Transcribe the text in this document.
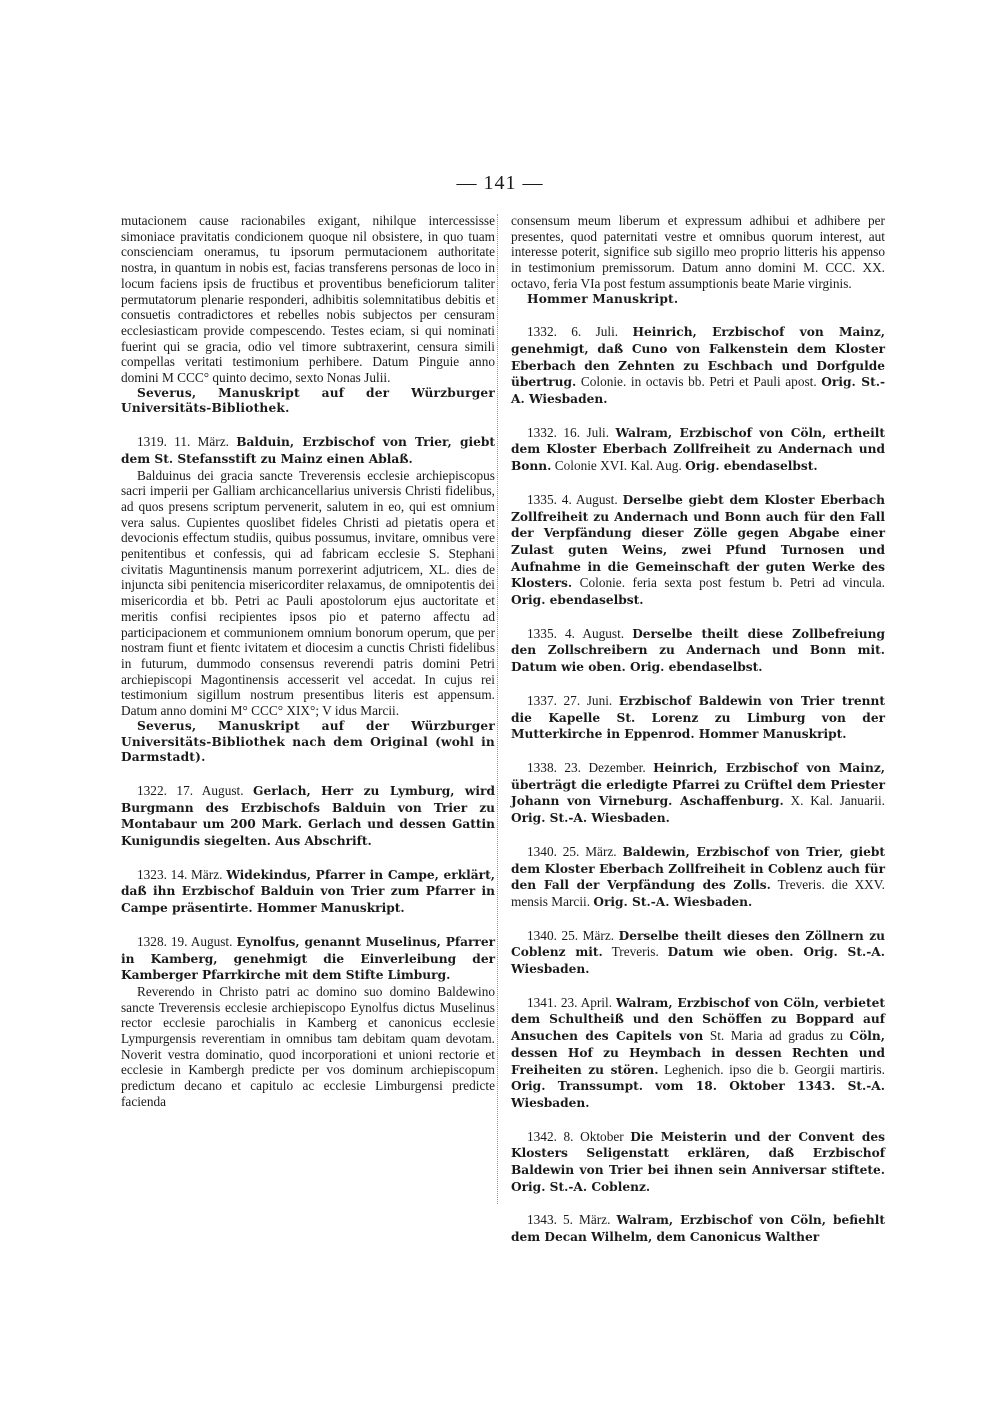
— 141 —

mutacionem cause racionabiles exigant, nihilque intercessisse simoniace pravitatis condicionem quoque nil obsistere, in quo tuam conscienciam oneramus, tu ipsorum permutacionem authoritate nostra, in quantum in nobis est, facias transferens personas de loco in locum faciens ipsis de fructibus et proventibus beneficiorum taliter permutatorum plenarie responderi, adhibitis solemnitatibus debitis et consuetis contradictores et rebelles nobis subjectos per censuram ecclesiasticam provide compescendo. Testes eciam, si qui nominati fuerint qui se gracia, odio vel timore subtraxerint, censura simili compellas veritati testimonium perhibere. Datum Pinguie anno domini M CCC° quinto decimo, sexto Nonas Julii.

Severus, Manuskript auf der Würzburger Universitäts-Bibliothek.

1319. 11. März. Balduin, Erzbischof von Trier, giebt dem St. Stefansstift zu Mainz einen Ablaß.

Balduinus dei gracia sancte Treverensis ecclesie archiepiscopus sacri imperii per Galliam archicancellarius universis Christi fidelibus, ad quos presens scriptum pervenerit, salutem in eo, qui est omnium vera salus. Cupientes quoslibet fideles Christi ad pietatis opera et devocionis effectum studiis, quibus possumus, invitare, omnibus vere penitentibus et confessis, qui ad fabricam ecclesie S. Stephani civitatis Maguntinensis manum porrexerint adjutricem, XL. dies de injuncta sibi penitencia misericorditer relaxamus, de omnipotentis dei misericordia et bb. Petri ac Pauli apostolorum ejus auctoritate et meritis confisi recipientes ipsos pio et paterno affectu ad participacionem et communionem omnium bonorum operum, que per nostram fiunt et fientc ivitatem et diocesim a cunctis Christi fidelibus in futurum, dummodo consensus reverendi patris domini Petri archiepiscopi Magontinensis accesserit vel accedat. In cujus rei testimonium sigillum nostrum presentibus literis est appensum. Datum anno domini M° CCC° XIX°; V idus Marcii.

Severus, Manuskript auf der Würzburger Universitäts-Bibliothek nach dem Original (wohl in Darmstadt).

1322. 17. August. Gerlach, Herr zu Lymburg, wird Burgmann des Erzbischofs Balduin von Trier zu Montabaur um 200 Mark. Gerlach und dessen Gattin Kunigundis siegelten. Aus Abschrift.

1323. 14. März. Widekindus, Pfarrer in Campe, erklärt, daß ihn Erzbischof Balduin von Trier zum Pfarrer in Campe präsentirte. Hommer Manuskript.

1328. 19. August. Eynolfus, genannt Muselinus, Pfarrer in Kamberg, genehmigt die Einverleibung der Kamberger Pfarrkirche mit dem Stifte Limburg.

Reverendo in Christo patri ac domino suo domino Baldewino sancte Treverensis ecclesie archiepiscopo Eynolfus dictus Muselinus rector ecclesie parochialis in Kamberg et canonicus ecclesie Lympurgensis reverentiam in omnibus tam debitam quam devotam. Noverit vestra dominatio, quod incorporationi et unioni rectorie et ecclesie in Kambergh predicte per vos dominum archiepiscopum predictum decano et capitulo ac ecclesie Limburgensi predicte facienda

consensum meum liberum et expressum adhibui et adhibere per presentes, quod paternitati vestre et omnibus quorum interest, aut interesse poterit, significe sub sigillo meo proprio litteris his appenso in testimonium premissorum. Datum anno domini M. CCC. XX. octavo, feria VIa post festum assumptionis beate Marie virginis.

Hommer Manuskript.

1332. 6. Juli. Heinrich, Erzbischof von Mainz, genehmigt, daß Cuno von Falkenstein dem Kloster Eberbach den Zehnten zu Eschbach und Dorfgulde übertrug. Colonie. in octavis bb. Petri et Pauli apost. Orig. St.-A. Wiesbaden.

1332. 16. Juli. Walram, Erzbischof von Cöln, ertheilt dem Kloster Eberbach Zollfreiheit zu Andernach und Bonn. Colonie XVI. Kal. Aug. Orig. ebendaselbst.

1335. 4. August. Derselbe giebt dem Kloster Eberbach Zollfreiheit zu Andernach und Bonn auch für den Fall der Verpfändung dieser Zölle gegen Abgabe einer Zulast guten Weins, zwei Pfund Turnosen und Aufnahme in die Gemeinschaft der guten Werke des Klosters. Colonie. feria sexta post festum b. Petri ad vincula. Orig. ebendaselbst.

1335. 4. August. Derselbe theilt diese Zollbefreiung den Zollschreibern zu Andernach und Bonn mit. Datum wie oben. Orig. ebendaselbst.

1337. 27. Juni. Erzbischof Baldewin von Trier trennt die Kapelle St. Lorenz zu Limburg von der Mutterkirche in Eppenrod. Hommer Manuskript.

1338. 23. Dezember. Heinrich, Erzbischof von Mainz, überträgt die erledigte Pfarrei zu Crüftel dem Priester Johann von Virneburg. Aschaffenburg. X. Kal. Januarii. Orig. St.-A. Wiesbaden.

1340. 25. März. Baldewin, Erzbischof von Trier, giebt dem Kloster Eberbach Zollfreiheit in Coblenz auch für den Fall der Verpfändung des Zolls. Treveris. die XXV. mensis Marcii. Orig. St.-A. Wiesbaden.

1340. 25. März. Derselbe theilt dieses den Zöllnern zu Coblenz mit. Treveris. Datum wie oben. Orig. St.-A. Wiesbaden.

1341. 23. April. Walram, Erzbischof von Cöln, verbietet dem Schultheiß und den Schöffen zu Boppard auf Ansuchen des Capitels von St. Maria ad gradus zu Cöln, dessen Hof zu Heymbach in dessen Rechten und Freiheiten zu stören. Leghenich. ipso die b. Georgii martiris. Orig. Transsumpt. vom 18. Oktober 1343. St.-A. Wiesbaden.

1342. 8. Oktober Die Meisterin und der Convent des Klosters Seligenstatt erklären, daß Erzbischof Baldewin von Trier bei ihnen sein Anniversar stiftete. Orig. St.-A. Coblenz.

1343. 5. März. Walram, Erzbischof von Cöln, befiehlt dem Decan Wilhelm, dem Canonicus Walther
